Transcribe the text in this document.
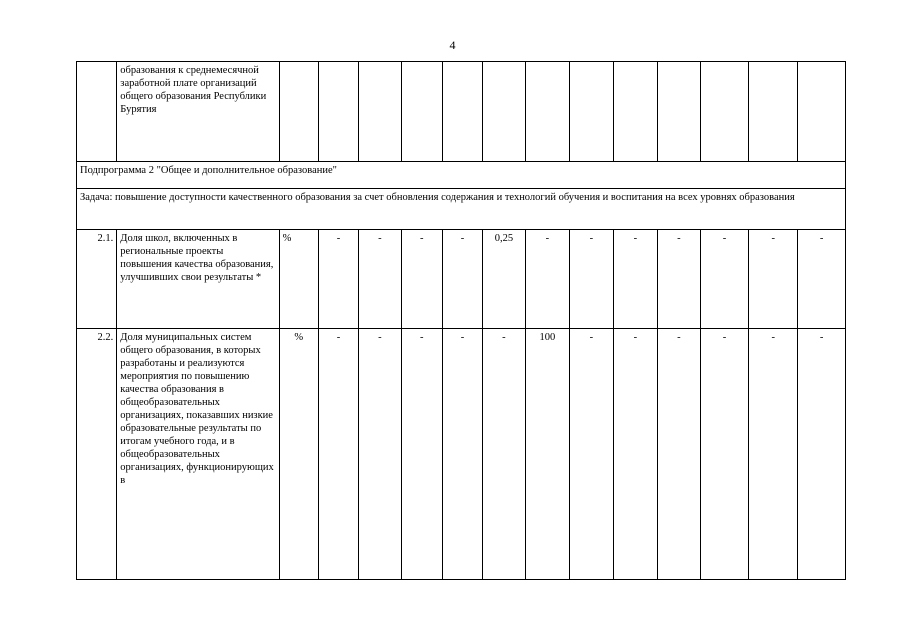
4
	образования к среднемесячной заработной плате организаций общего образования Республики Бурятия													
Подпрограмма 2 "Общее и дополнительное образование"														
Задача: повышение доступности качественного образования за счет обновления содержания и технологий обучения и воспитания на всех уровнях образования														
2.1.	Доля школ, включенных в региональные проекты повышения качества образования, улучшивших свои результаты *	%	-	-	-	-	0,25	-	-	-	-	-	-	-
2.2.	Доля муниципальных систем общего образования, в которых разработаны и реализуются мероприятия по повышению качества образования в общеобразовательных организациях, показавших низкие образовательные результаты по итогам учебного года, и в общеобразовательных организациях, функционирующих в	%	-	-	-	-	-	100	-	-	-	-	-	-
